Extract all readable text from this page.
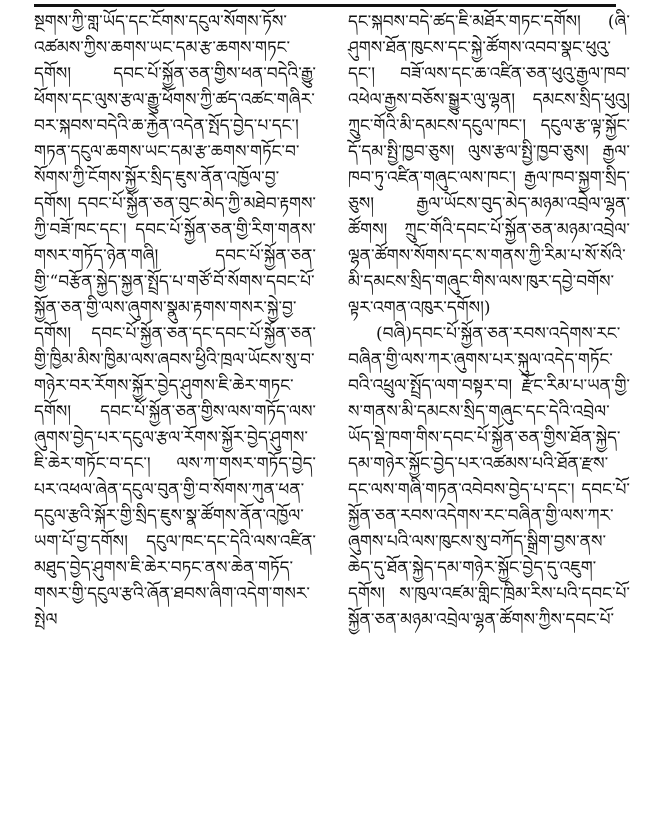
སྔགས་ཀྱི་གླ་ཡོད་དང་ངོགས་དངུལ་སོགས་ཏོས་འཚམས་ཀྱིས་ཆགས་ཡང་དམ་རྩ་ཆགས་གཏང་དགོས། དབང་པོ་སྐྱོན་ཅན་གྱིས་ཕན་བདེའི་རྒྱུ་ཕོགས་དང་ལུས་རྩལ་རྒྱུ་ཕོགས་ཀྱི་ཚད་འཚང་གཞིར་བར་སྐབས་བདེའི་ཆ་རྐྱེན་འདེན་སྤོད་བྱེད་པ་དང་། གཏན་དངུལ་ཆགས་ཡང་དམ་རྩ་ཆགས་གཏོང་བ་སོགས་ཀྱི་ངོགས་སྐྱོར་སྲིད་ཇུས་ནོན་འཁྱོལ་བྱ་དགོས། དབང་པོ་སྐྱོན་ཅན་བུང་མེད་ཀྱི་མཐེབ་རྟགས་ཀྱི་བཟོ་ཁང་དང་། དབང་པོ་སྐྱོན་ཅན་གྱི་རིག་གནས་གསར་གཏོད་ཉེན་གཞི། དབང་པོ་སྐྱོན་ཅན་གྱི་“བརྩོན་སྐྱེད་སྐྱན་སྤྲོད་པ་གཙོ་བོ་སོགས་དབང་པོ་སྐྱོན་ཅན་གྱི་ལས་ཞུགས་སྣུམ་རྟགས་གསར་སྐྱེ་བྱ་དགོས། དབང་པོ་སྐྱོན་ཅན་དང་དབང་པོ་སྐྱོན་ཅན་གྱི་ཁྱིམ་མིས་ཁྱིམ་ལས་ཞབས་ཕྱིའི་ཁྲལ་ཡོངས་སུ་བ་གཉེར་བར་རོགས་སྐྱོར་བྱེད་ཤུགས་ཇི་ཆེར་གཏང་དགོས། དབང་པོ་སྐྱོན་ཅན་གྱིས་ལས་གཏོད་ལས་ཞུགས་བྱེད་པར་དངུལ་རྩལ་རོགས་སྐྱོར་བྱེད་ཤུགས་ཇི་ཆེར་གཏོང་བ་དང་། ལས་ཀ་གསར་གཏོད་བྱེད་པར་འཕལ་ཞེན་དངུལ་བུན་གྱི་བ་སོགས་ཀུན་ཕན་དངུལ་རྩའི་སྐོར་གྱི་སྲིད་ཇུས་སྣ་ཚོགས་ནོན་འཁྱོལ་ཡག་པོ་བྱ་དགོས། དངུལ་ཁང་དང་དེའི་ལས་འཛིན་མཐུད་བྱེད་ཤུགས་ཇི་ཆེར་བཏང་ནས་ཆེན་གཏོད་གསར་གྱི་དངུལ་རྩའི་ཞོན་ཐབས་ཞིག་འདེག་གསར་སྤེལ

དང་སྐབས་བདེ་ཚད་ཇི་མཐོར་གཏང་དགོས། (ཞི་ཤུགས་ཐོན་ཁུངས་དང་སྐྱེ་ཚོགས་འབབ་སྣང་ཕུའུ་དང་། བཟོ་ལས་དང་ཆ་འཛིན་ཅན་ཕུའུ་རྒྱལ་ཁབ་འཕེལ་རྒྱས་བཅོས་སྒྱུར་ལུ་ལྷན། དམངས་སྲིད་ཕུའུ། ཀྲུང་གོའི་མི་དམངས་དངུལ་ཁང་། དངུལ་རྩ་ལྟ་སྐྱོང་དོ་དམ་སྤྱི་ཁྱབ་ཅུས། ལུས་རྩལ་སྤྱི་ཁྱབ་ཅུས། རྒྱལ་ཁབ་ཏུ་འཛིན་གཞུང་ལས་ཁང་། རྒྱལ་ཁབ་སྐྱག་སྲིད་ཅུས། རྒྱལ་ཡོངས་བུད་མེད་མཉམ་འབྲེལ་ལྷན་ཚོགས། ཀྲུང་གོའི་དབང་པོ་སྐྱོན་ཅན་མཉམ་འབྲེལ་ལྷན་ཚོགས་སོགས་དང་ས་གནས་ཀྱི་རིམ་པ་སོ་སོའི་མི་དམངས་སྲིད་གཞུང་གིས་ལས་ཁུར་དབྱེ་བགོས་ལྟར་འགན་འཁུར་དགོས།)

(བཞི)དབང་པོ་སྐྱོན་ཅན་རབས་འདེགས་རང་བཞིན་གྱི་ལས་ཀར་ཞུགས་པར་སྐུལ་འདེད་གཏོང་བའི་འཕྲུལ་སྤྲོད་ལག་བསྟར་བ། རྫོང་རིམ་པ་ཡན་གྱི་ས་གནས་མི་དམངས་སྲིད་གཞུང་དང་དེའི་འབྲེལ་ཡོད་སྡེ་ཁག་གིས་དབང་པོ་སྐྱོན་ཅན་གྱིས་ཐོན་སྐྱེད་དམ་གཉེར་སྐྱོང་བྱེད་པར་འཚམས་པའི་ཐོན་རྫས་དང་ལས་གཞི་གཏན་འབེབས་བྱེད་པ་དང་། དབང་པོ་སྐྱོན་ཅན་རབས་འདེགས་རང་བཞིན་གྱི་ལས་ཀར་ཞུགས་པའི་ལས་ཁུངས་སུ་བཀོད་སྒྲིག་བྱས་ནས་ཆེད་དུ་ཐོན་སྐྱེད་དམ་གཉེར་སྐྱོང་བྱེད་དུ་འཇུག་དགོས། ས་ཁུལ་འཛམ་གླིང་ཁྲིམ་རིས་པའི་དབང་པོ་སྐྱོན་ཅན་མཉམ་འབྲེལ་ལྷན་ཚོགས་ཀྱིས་དབང་པོ་
